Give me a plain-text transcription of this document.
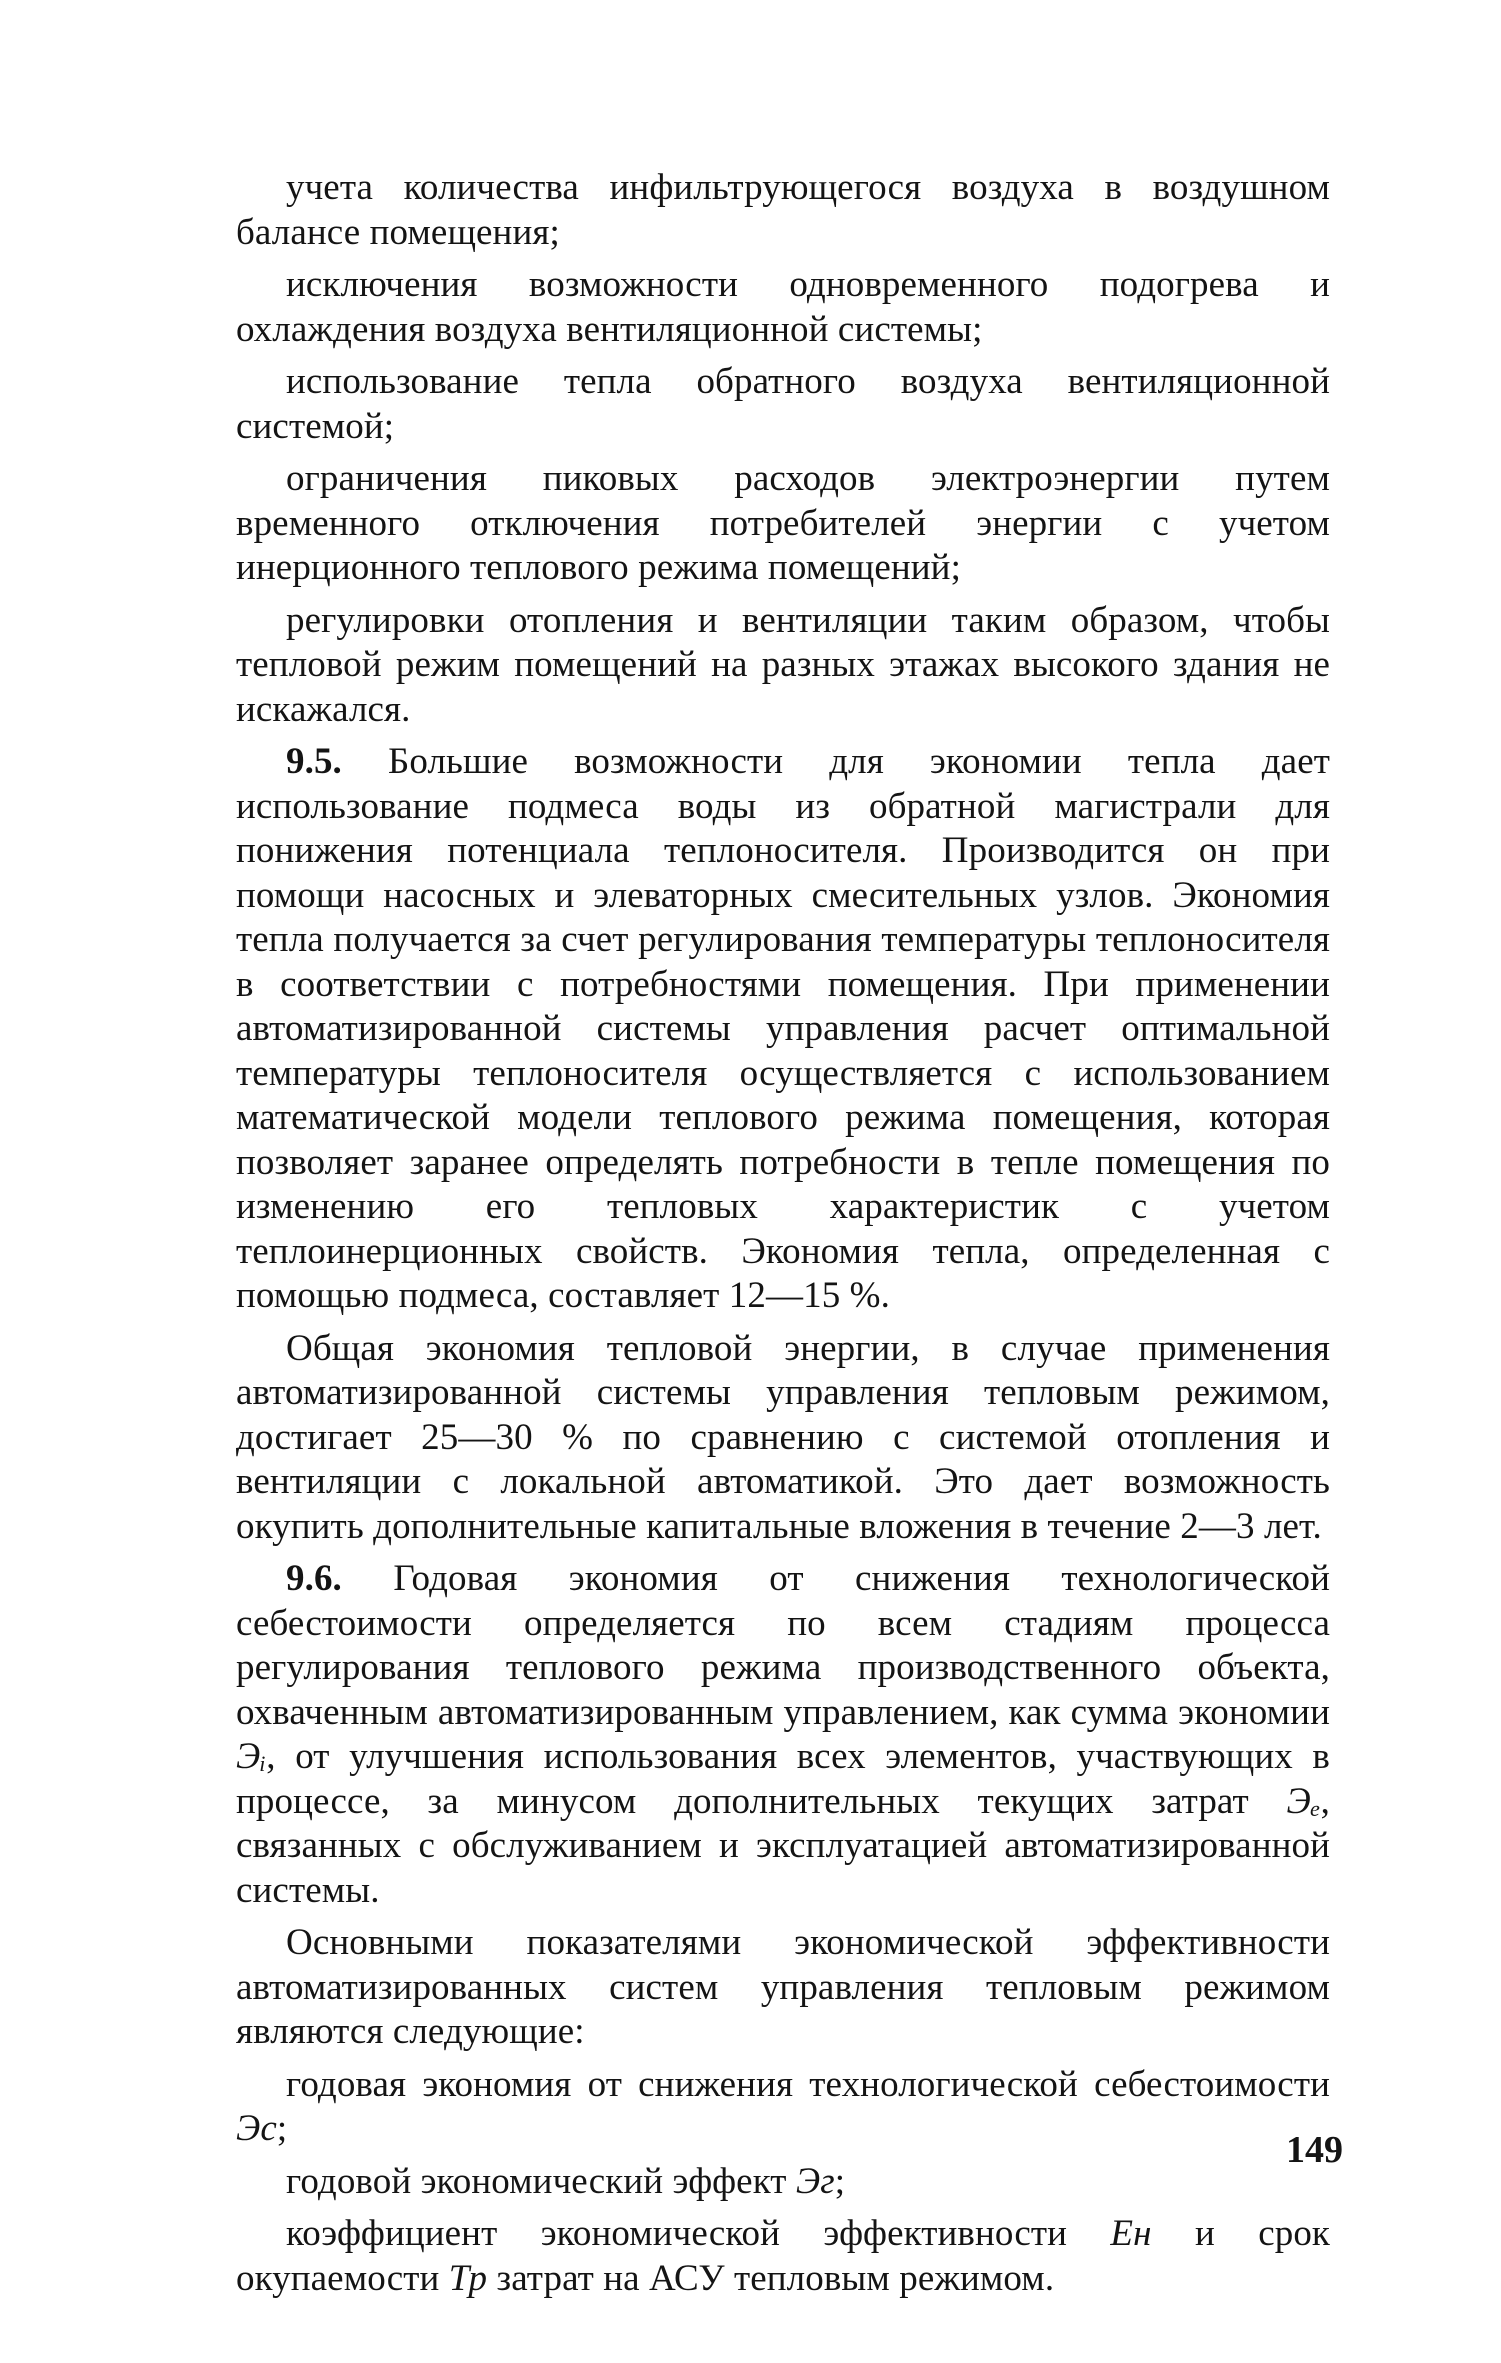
учета количества инфильтрующегося воздуха в воздушном балансе помещения;

исключения возможности одновременного подогрева и охлаждения воздуха вентиляционной системы;

использование тепла обратного воздуха вентиляционной системой;

ограничения пиковых расходов электроэнергии путем временного отключения потребителей энергии с учетом инерционного теплового режима помещений;

регулировки отопления и вентиляции таким образом, чтобы тепловой режим помещений на разных этажах высокого здания не искажался.

9.5. Большие возможности для экономии тепла дает использование подмеса воды из обратной магистрали для понижения потенциала теплоносителя. Производится он при помощи насосных и элеваторных смесительных узлов. Экономия тепла получается за счет регулирования температуры теплоносителя в соответствии с потребностями помещения. При применении автоматизированной системы управления расчет оптимальной температуры теплоносителя осуществляется с использованием математической модели теплового режима помещения, которая позволяет заранее определять потребности в тепле помещения по изменению его тепловых характеристик с учетом теплоинерционных свойств. Экономия тепла, определенная с помощью подмеса, составляет 12—15 %.

Общая экономия тепловой энергии, в случае применения автоматизированной системы управления тепловым режимом, достигает 25—30 % по сравнению с системой отопления и вентиляции с локальной автоматикой. Это дает возможность окупить дополнительные капитальные вложения в течение 2—3 лет.

9.6. Годовая экономия от снижения технологической себестоимости определяется по всем стадиям процесса регулирования теплового режима производственного объекта, охваченным автоматизированным управлением, как сумма экономии Эᵢ, от улучшения использования всех элементов, участвующих в процессе, за минусом дополнительных текущих затрат Эₑ, связанных с обслуживанием и эксплуатацией автоматизированной системы.

Основными показателями экономической эффективности автоматизированных систем управления тепловым режимом являются следующие:

годовая экономия от снижения технологической себестоимости Эс;

годовой экономический эффект Эг;

коэффициент экономической эффективности Ен и срок окупаемости Тр затрат на АСУ тепловым режимом.

149
